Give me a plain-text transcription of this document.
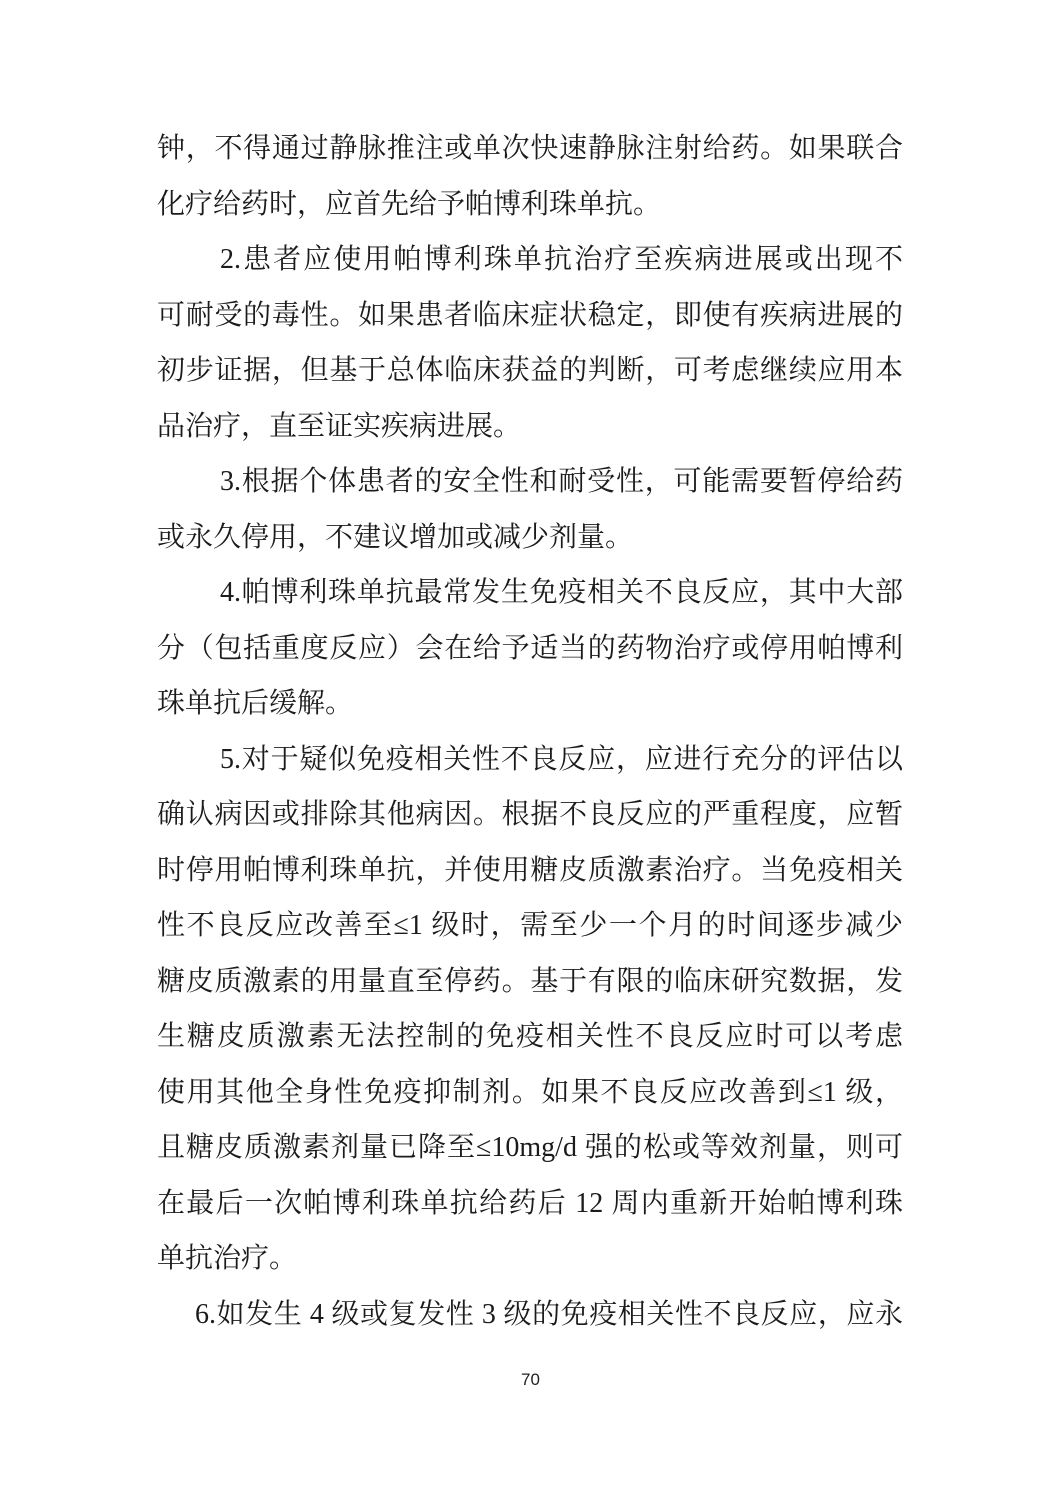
钟，不得通过静脉推注或单次快速静脉注射给药。如果联合
化疗给药时，应首先给予帕博利珠单抗。
2.患者应使用帕博利珠单抗治疗至疾病进展或出现不
可耐受的毒性。如果患者临床症状稳定，即使有疾病进展的
初步证据，但基于总体临床获益的判断，可考虑继续应用本
品治疗，直至证实疾病进展。
3.根据个体患者的安全性和耐受性，可能需要暂停给药
或永久停用，不建议增加或减少剂量。
4.帕博利珠单抗最常发生免疫相关不良反应，其中大部
分（包括重度反应）会在给予适当的药物治疗或停用帕博利
珠单抗后缓解。
5.对于疑似免疫相关性不良反应，应进行充分的评估以
确认病因或排除其他病因。根据不良反应的严重程度，应暂
时停用帕博利珠单抗，并使用糖皮质激素治疗。当免疫相关
性不良反应改善至≤1 级时，需至少一个月的时间逐步减少
糖皮质激素的用量直至停药。基于有限的临床研究数据，发
生糖皮质激素无法控制的免疫相关性不良反应时可以考虑
使用其他全身性免疫抑制剂。如果不良反应改善到≤1 级，
且糖皮质激素剂量已降至≤10mg/d 强的松或等效剂量，则可
在最后一次帕博利珠单抗给药后 12 周内重新开始帕博利珠
单抗治疗。
6.如发生 4 级或复发性 3 级的免疫相关性不良反应，应永
70
